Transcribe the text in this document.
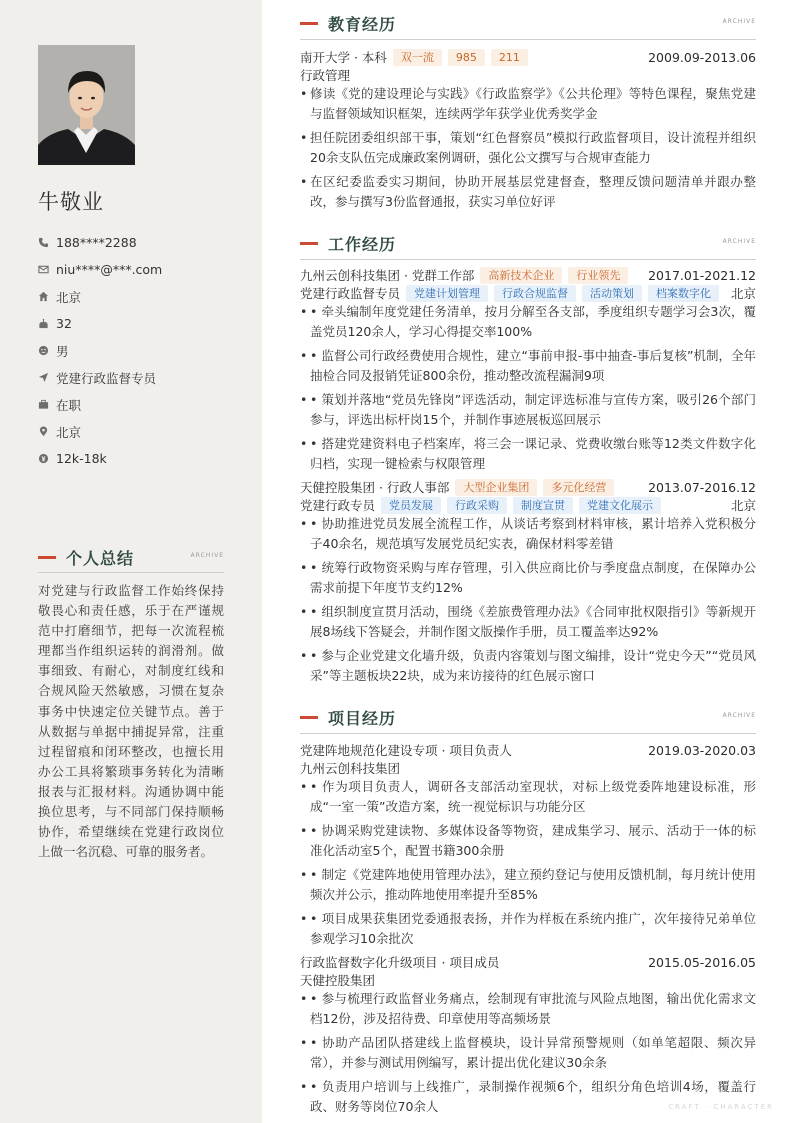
牛敬业
188****2288
niu****@***.com
北京
32
男
党建行政监督专员
在职
北京
12k-18k
个人总结	ARCHIVE
对党建与行政监督工作始终保持敬畏心和责任感，乐于在严谨规范中打磨细节，把每一次流程梳理都当作组织运转的润滑剂。做事细致、有耐心，对制度红线和合规风险天然敏感，习惯在复杂事务中快速定位关键节点。善于从数据与单据中捕捉异常，注重过程留痕和闭环整改，也擅长用办公工具将繁琐事务转化为清晰报表与汇报材料。沟通协调中能换位思考，与不同部门保持顺畅协作，希望继续在党建行政岗位上做一名沉稳、可靠的服务者。
教育经历	ARCHIVE
南开大学 · 本科	双一流	985	211	2009.09-2013.06
行政管理
• 修读《党的建设理论与实践》《行政监察学》《公共伦理》等特色课程，聚焦党建与监督领域知识框架，连续两学年获学业优秀奖学金
• 担任院团委组织部干事，策划“红色督察员”模拟行政监督项目，设计流程并组织20余支队伍完成廉政案例调研，强化公文撰写与合规审查能力
• 在区纪委监委实习期间，协助开展基层党建督查，整理反馈问题清单并跟办整改，参与撰写3份监督通报，获实习单位好评
工作经历	ARCHIVE
九州云创科技集团 · 党群工作部	高新技术企业	行业领先	2017.01-2021.12
党建行政监督专员	党建计划管理	行政合规监督	活动策划	档案数字化	北京
• • 牵头编制年度党建任务清单，按月分解至各支部，季度组织专题学习会3次，覆盖党员120余人，学习心得提交率100%
• • 监督公司行政经费使用合规性，建立“事前申报-事中抽查-事后复核”机制，全年抽检合同及报销凭证800余份，推动整改流程漏洞9项
• • 策划并落地“党员先锋岗”评选活动，制定评选标准与宣传方案，吸引26个部门参与，评选出标杆岗15个，并制作事迹展板巡回展示
• • 搭建党建资料电子档案库，将三会一课记录、党费收缴台账等12类文件数字化归档，实现一键检索与权限管理
天健控股集团 · 行政人事部	大型企业集团	多元化经营	2013.07-2016.12
党建行政专员	党员发展	行政采购	制度宣贯	党建文化展示	北京
• • 协助推进党员发展全流程工作，从谈话考察到材料审核，累计培养入党积极分子40余名，规范填写发展党员纪实表，确保材料零差错
• • 统筹行政物资采购与库存管理，引入供应商比价与季度盘点制度，在保障办公需求前提下年度节支约12%
• • 组织制度宣贯月活动，围绕《差旅费管理办法》《合同审批权限指引》等新规开展8场线下答疑会，并制作图文版操作手册，员工覆盖率达92%
• • 参与企业党建文化墙升级，负责内容策划与图文编排，设计“党史今天”“党员风采”等主题板块22块，成为来访接待的红色展示窗口
项目经历	ARCHIVE
党建阵地规范化建设专项 · 项目负责人	2019.03-2020.03
九州云创科技集团
• • 作为项目负责人，调研各支部活动室现状，对标上级党委阵地建设标准，形成“一室一策”改造方案，统一视觉标识与功能分区
• • 协调采购党建读物、多媒体设备等物资，建成集学习、展示、活动于一体的标准化活动室5个，配置书籍300余册
• • 制定《党建阵地使用管理办法》，建立预约登记与使用反馈机制，每月统计使用频次并公示，推动阵地使用率提升至85%
• • 项目成果获集团党委通报表扬，并作为样板在系统内推广，次年接待兄弟单位参观学习10余批次
行政监督数字化升级项目 · 项目成员	2015.05-2016.05
天健控股集团
• • 参与梳理行政监督业务痛点，绘制现有审批流与风险点地图，输出优化需求文档12份，涉及招待费、印章使用等高频场景
• • 协助产品团队搭建线上监督模块，设计异常预警规则（如单笔超限、频次异常），并参与测试用例编写，累计提出优化建议30余条
• • 负责用户培训与上线推广，录制操作视频6个，组织分角色培训4场，覆盖行政、财务等岗位70余人	CRAFT · CHARACTER
